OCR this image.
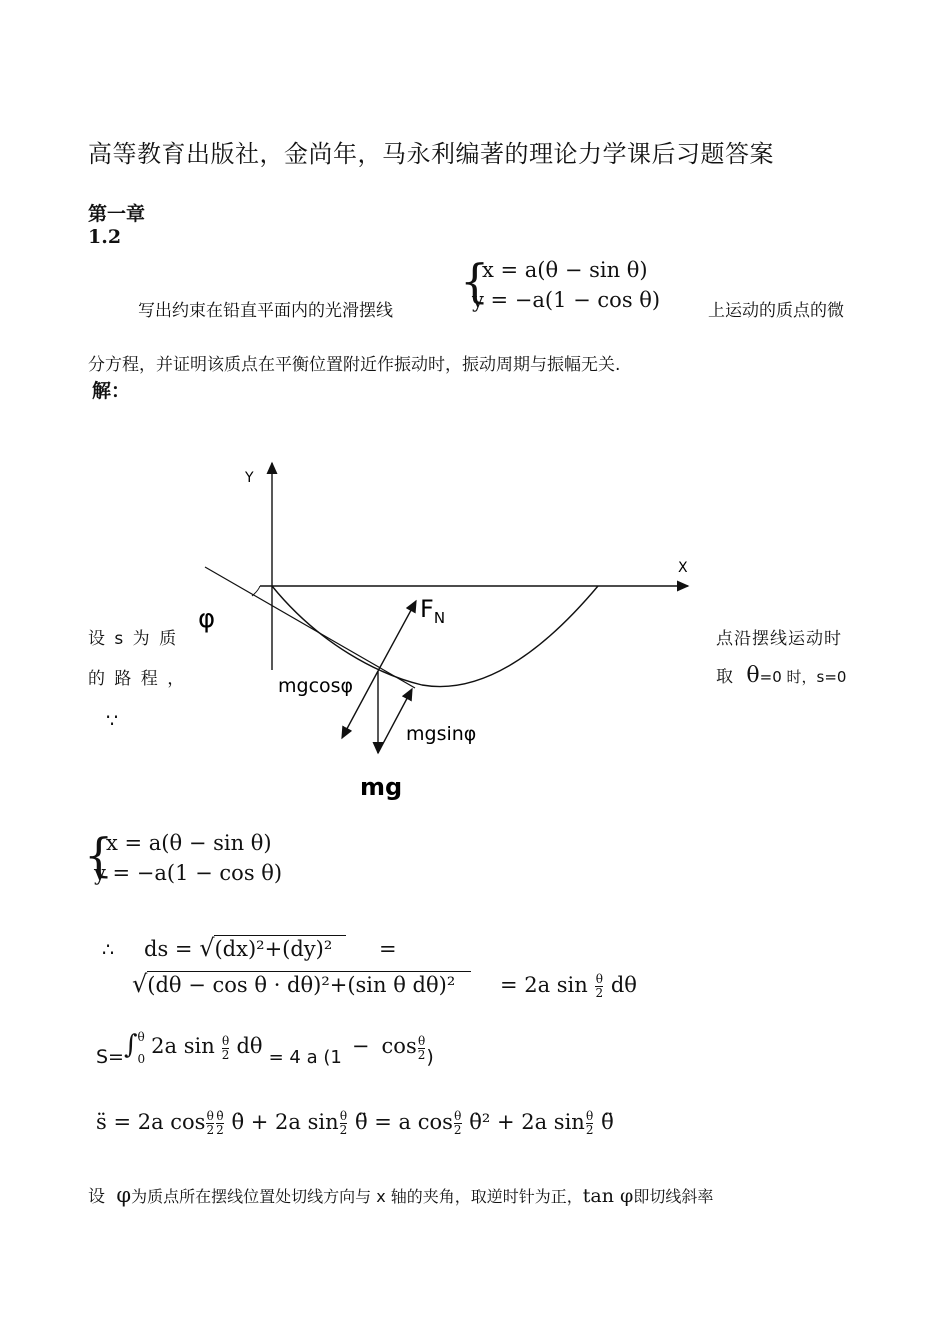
高等教育出版社，金尚年，马永利编著的理论力学课后习题答案
第一章
1.2
写出约束在铅直平面内的光滑摆线
{
x = a(θ − sin θ)
y = −a(1 − cos θ)	上运动的质点的微
分方程，并证明该质点在平衡位置附近作振动时，振动周期与振幅无关.
解：
Y
X
φ	$F_N$
mgcosφ
mgsinφ
mg
设 s 为 质
的 路 程 ，
∵
点沿摆线运动时
取 θ=0 时，s=0
{
x = a(θ − sin θ)
y = −a(1 − cos θ)
∴ ds = √(dx)²+(dy)² =
√(dθ − cos θ · dθ)²+(sin θ dθ)² = 2a $\sin \frac{\theta}{2}$ dθ
S=∫ θ
0
2a $\sin \frac{\theta}{2}$ dθ = 4 a ($1 - \cos \frac{\theta}{2}$ )
s̈ = 2a $\cos \frac{\theta}{2} \frac{\thetȧ}{2}$ θ̇ + 2a $\sin \frac{\theta}{2}$ θ̈ = a $\cos \frac{\theta}{2}$ θ̇² + 2a $\sin \frac{\theta}{2}$ θ̈
设 φ为质点所在摆线位置处切线方向与 x 轴的夹角，取逆时针为正，tan φ即切线斜率
